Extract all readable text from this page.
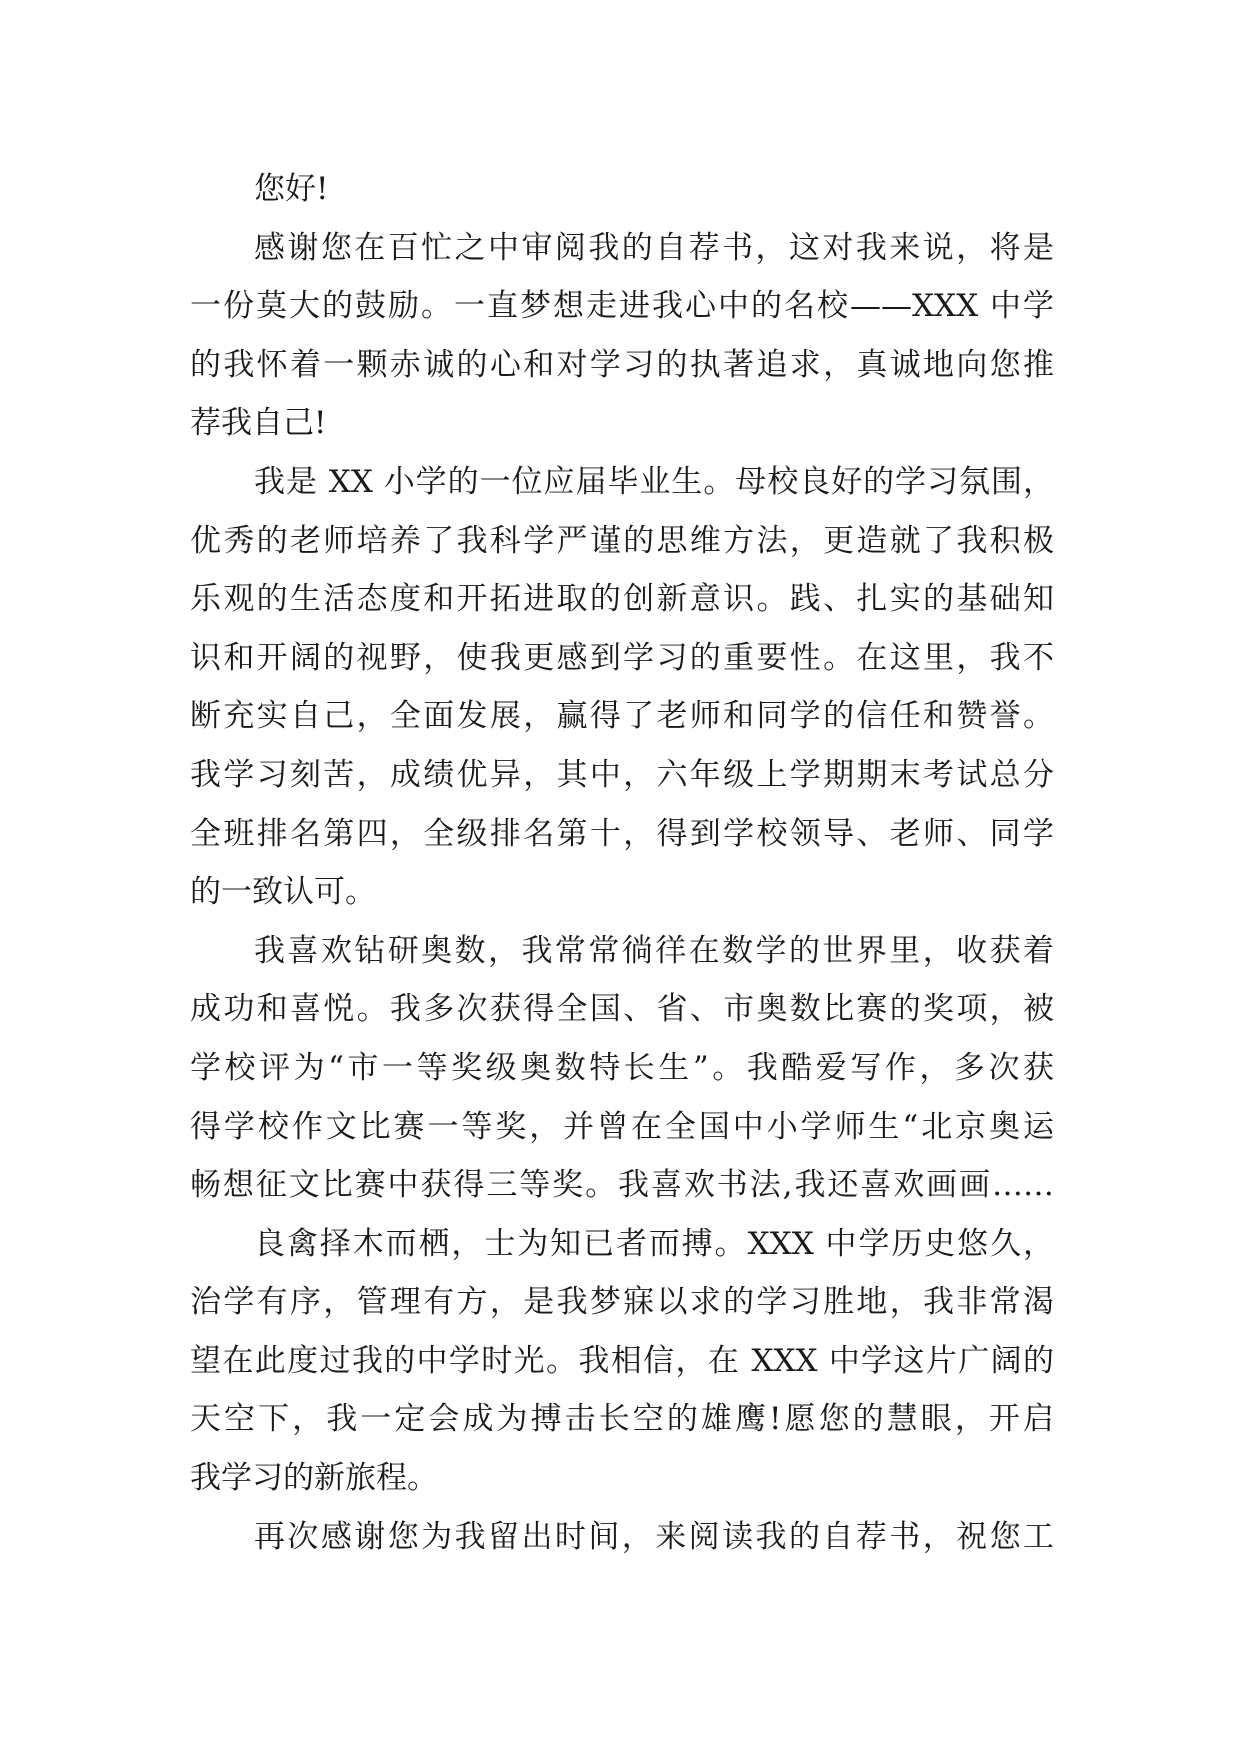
您好!
感谢您在百忙之中审阅我的自荐书，这对我来说，将是
一份莫大的鼓励。一直梦想走进我心中的名校——XXX 中学
的我怀着一颗赤诚的心和对学习的执著追求，真诚地向您推
荐我自己!
我是 XX 小学的一位应届毕业生。母校良好的学习氛围，
优秀的老师培养了我科学严谨的思维方法，更造就了我积极
乐观的生活态度和开拓进取的创新意识。践、扎实的基础知
识和开阔的视野，使我更感到学习的重要性。在这里，我不
断充实自己，全面发展，赢得了老师和同学的信任和赞誉。
我学习刻苦，成绩优异，其中，六年级上学期期末考试总分
全班排名第四，全级排名第十，得到学校领导、老师、同学
的一致认可。
我喜欢钻研奥数，我常常徜徉在数学的世界里，收获着
成功和喜悦。我多次获得全国、省、市奥数比赛的奖项，被
学校评为“市一等奖级奥数特长生”。我酷爱写作，多次获
得学校作文比赛一等奖，并曾在全国中小学师生“北京奥运
畅想征文比赛中获得三等奖。我喜欢书法,我还喜欢画画……
良禽择木而栖，士为知已者而搏。XXX 中学历史悠久，
治学有序，管理有方，是我梦寐以求的学习胜地，我非常渴
望在此度过我的中学时光。我相信，在 XXX 中学这片广阔的
天空下，我一定会成为搏击长空的雄鹰!愿您的慧眼，开启
我学习的新旅程。
再次感谢您为我留出时间，来阅读我的自荐书，祝您工
